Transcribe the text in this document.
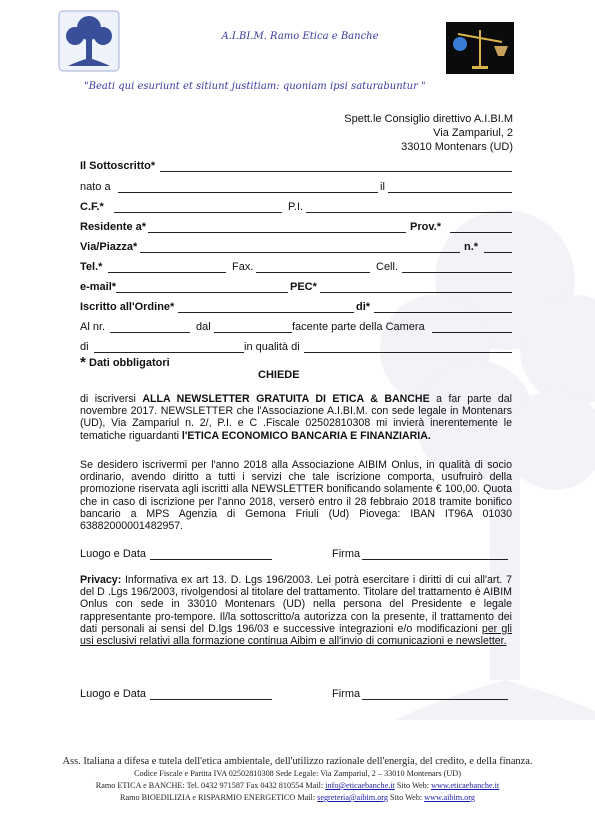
A.I.BI.M. Ramo Etica e Banche
"Beati qui esuriunt et sitiunt justitiam: quoniam ipsi saturabuntur "
Spett.le Consiglio direttivo A.I.BI.M
Via Zampariul, 2
33010 Montenars (UD)
Il Sottoscritto*
nato a	il
C.F.*	P.I.
Residente a*	Prov.*
Via/Piazza*	n.*
Tel.*	Fax.	Cell.
e-mail*	PEC*
Iscritto all'Ordine*	di*
Al nr.	dal	facente parte della Camera
di	in qualità di
* Dati obbligatori
CHIEDE
di iscriversi ALLA NEWSLETTER GRATUITA DI ETICA & BANCHE a far parte dal novembre 2017. NEWSLETTER che l'Associazione A.I.BI.M. con sede legale in Montenars (UD), Via Zampariul n. 2/, P.I. e C .Fiscale 02502810308 mi invierà inerentemente le tematiche riguardanti l'ETICA ECONOMICO BANCARIA E FINANZIARIA.
Se desidero iscrivermi per l'anno 2018 alla Associazione AIBIM Onlus, in qualità di socio ordinario, avendo diritto a tutti i servizi che tale iscrizione comporta, usufruirò della promozione riservata agli iscritti alla NEWSLETTER bonificando solamente € 100,00. Quota che in caso di iscrizione per l'anno 2018, verserò entro il 28 febbraio 2018 tramite bonifico bancario a MPS Agenzia di Gemona Friuli (Ud) Piovega: IBAN IT96A 01030 63882000001482957.
Luogo e Data	Firma
Privacy: Informativa ex art 13. D. Lgs 196/2003. Lei potrà esercitare i diritti di cui all'art. 7 del D .Lgs 196/2003, rivolgendosi al titolare del trattamento. Titolare del trattamento è AIBIM Onlus con sede in 33010 Montenars (UD) nella persona del Presidente e legale rappresentante pro-tempore. Il/la sottoscritto/a autorizza con la presente, il trattamento dei dati personali ai sensi del D.lgs 196/03 e successive integrazioni e/o modificazioni per gli usi esclusivi relativi alla formazione continua Aibim e all'invio di comunicazioni e newsletter.
Luogo e Data	Firma
Ass. Italiana a difesa e tutela dell'etica ambientale, dell'utilizzo razionale dell'energia, del credito, e della finanza.
Codice Fiscale e Partita IVA 02502810308 Sede Legale: Via Zampariul, 2 – 33010 Montenars (UD)
Ramo ETICA e BANCHE: Tel. 0432 971587 Fax 0432 810554 Mail: info@eticaebanche.it Sito Web: www.eticaebanche.it
Ramo BIOEDILIZIA e RISPARMIO ENERGETICO Mail: segreteria@aibim.org Sito Web: www.aibim.org
